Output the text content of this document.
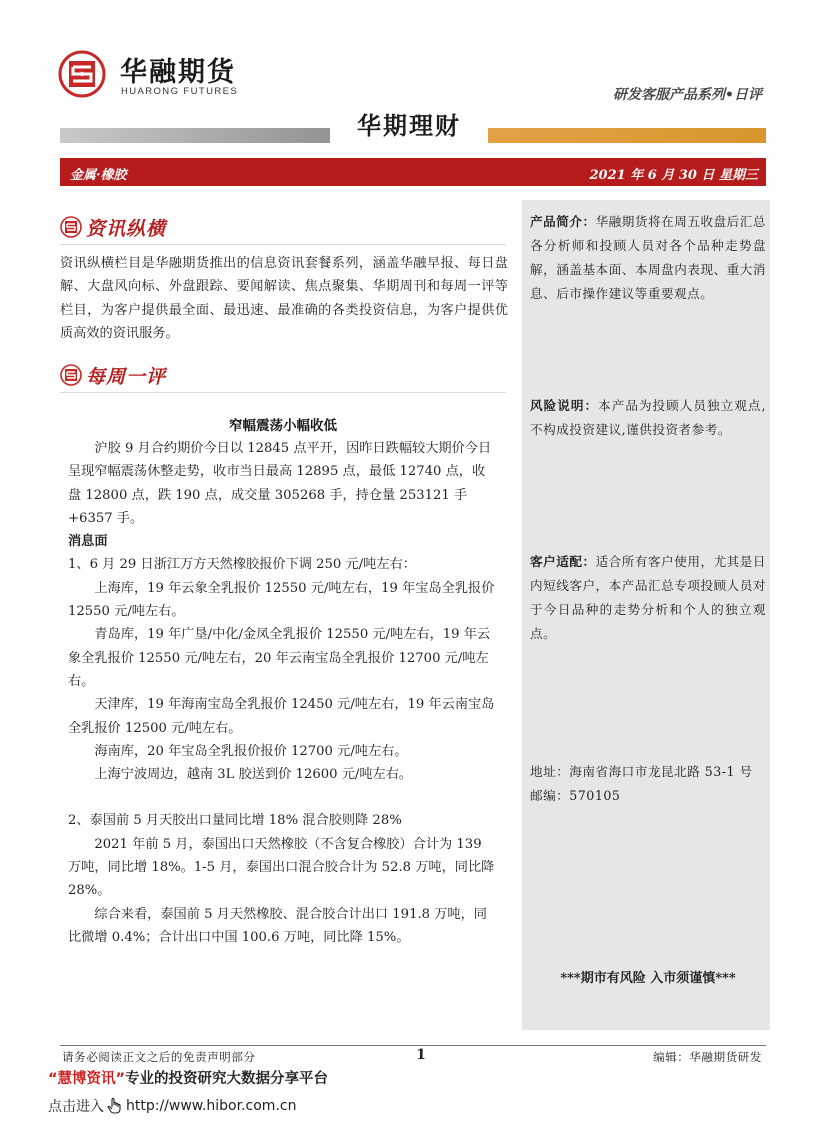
华融期货
HUARONG FUTURES	研发客服产品系列•日评
华期理财
金属·橡胶	2021 年 6 月 30 日 星期三
资讯纵横
资讯纵横栏目是华融期货推出的信息资讯套餐系列，涵盖华融早报、每日盘解、大盘风向标、外盘跟踪、要闻解读、焦点聚集、华期周刊和每周一评等栏目，为客户提供最全面、最迅速、最准确的各类投资信息，为客户提供优质高效的资讯服务。
每周一评
窄幅震荡小幅收低
沪胶 9 月合约期价今日以 12845 点平开，因昨日跌幅较大期价今日呈现窄幅震荡休整走势，收市当日最高 12895 点，最低 12740 点，收盘 12800 点，跌 190 点，成交量 305268 手，持仓量 253121 手+6357 手。
消息面
1、6 月 29 日浙江万方天然橡胶报价下调 250 元/吨左右：
上海库，19 年云象全乳报价 12550 元/吨左右，19 年宝岛全乳报价 12550 元/吨左右。
青岛库，19 年广垦/中化/金凤全乳报价 12550 元/吨左右，19 年云象全乳报价 12550 元/吨左右，20 年云南宝岛全乳报价 12700 元/吨左右。
天津库，19 年海南宝岛全乳报价 12450 元/吨左右，19 年云南宝岛全乳报价 12500 元/吨左右。
海南库，20 年宝岛全乳报价报价 12700 元/吨左右。
上海宁波周边，越南 3L 胶送到价 12600 元/吨左右。
2、泰国前 5 月天胶出口量同比增 18% 混合胶则降 28%
2021 年前 5 月，泰国出口天然橡胶（不含复合橡胶）合计为 139 万吨，同比增 18%。1-5 月，泰国出口混合胶合计为 52.8 万吨，同比降 28%。
综合来看，泰国前 5 月天然橡胶、混合胶合计出口 191.8 万吨，同比微增 0.4%；合计出口中国 100.6 万吨，同比降 15%。
产品简介：华融期货将在周五收盘后汇总各分析师和投顾人员对各个品种走势盘解，涵盖基本面、本周盘内表现、重大消息、后市操作建议等重要观点。
风险说明：本产品为投顾人员独立观点,不构成投资建议,谨供投资者参考。
客户适配：适合所有客户使用，尤其是日内短线客户，本产品汇总专项投顾人员对于今日品种的走势分析和个人的独立观点。
地址：海南省海口市龙昆北路 53-1 号
邮编：570105
***期市有风险 入市须谨慎***
请务必阅读正文之后的免责声明部分	1	编辑：华融期货研发
“慧博资讯”专业的投资研究大数据分享平台
点击进入 http://www.hibor.com.cn
